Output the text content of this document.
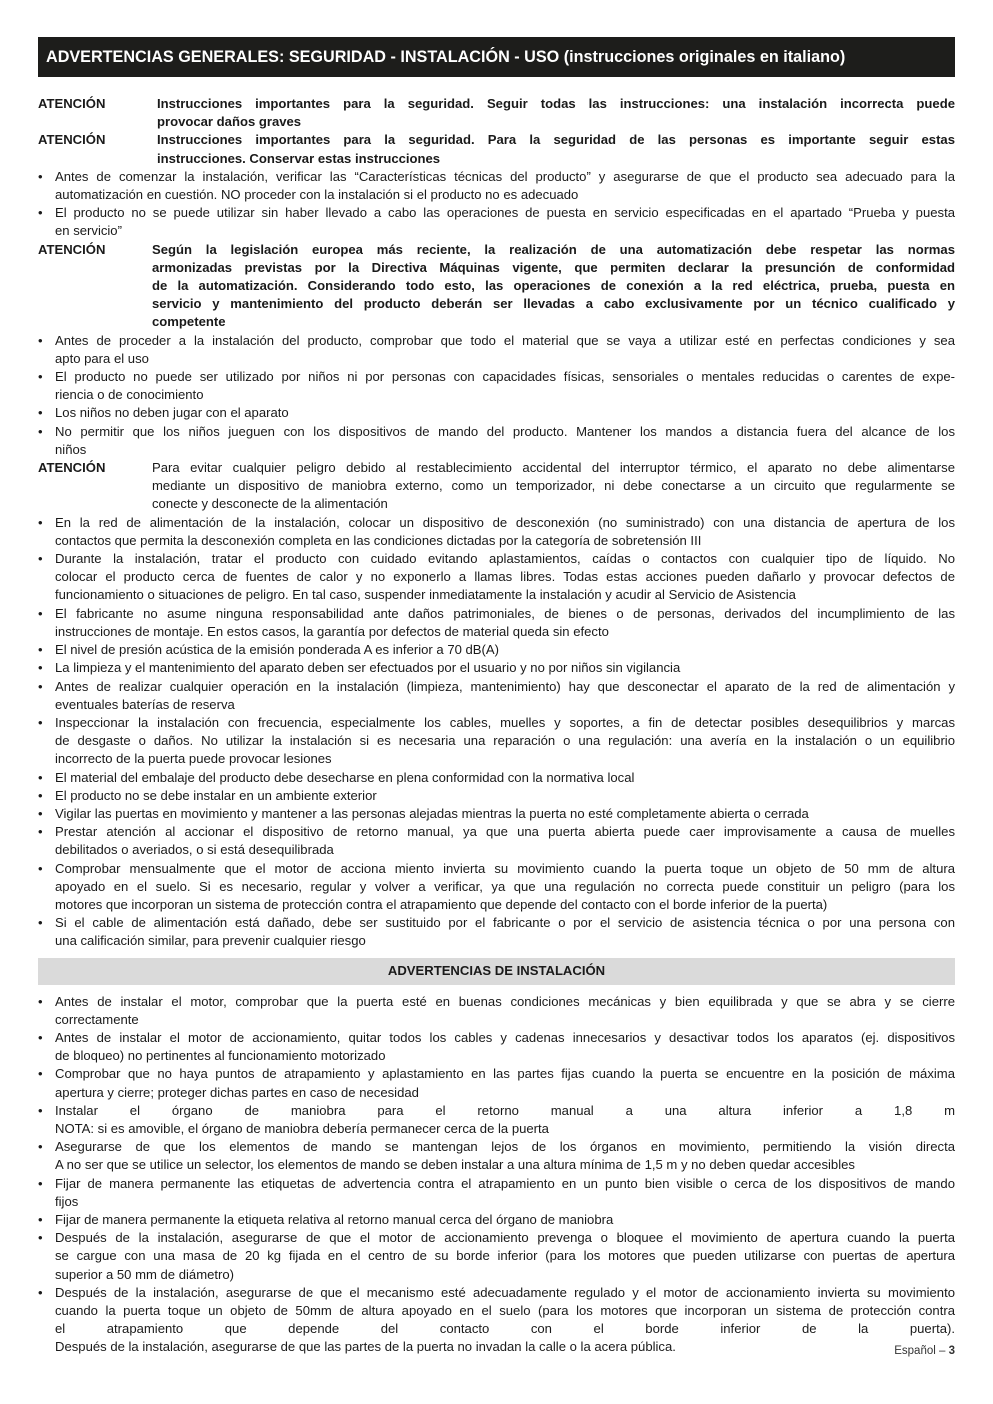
ADVERTENCIAS GENERALES: SEGURIDAD - INSTALACIÓN - USO (instrucciones originales en italiano)
ATENCIÓN	Instrucciones importantes para la seguridad. Seguir todas las instrucciones: una instalación incorrecta puede
provocar daños graves
ATENCIÓN	Instrucciones importantes para la seguridad. Para la seguridad de las personas es importante seguir estas
instrucciones. Conservar estas instrucciones
• Antes de comenzar la instalación, verificar las “Características técnicas del producto” y asegurarse de que el producto sea adecuado para la
automatización en cuestión. NO proceder con la instalación si el producto no es adecuado
• El producto no se puede utilizar sin haber llevado a cabo las operaciones de puesta en servicio especificadas en el apartado “Prueba y puesta
en servicio”
ATENCIÓN	Según la legislación europea más reciente, la realización de una automatización debe respetar las normas
armonizadas previstas por la Directiva Máquinas vigente, que permiten declarar la presunción de conformidad
de la automatización. Considerando todo esto, las operaciones de conexión a la red eléctrica, prueba, puesta en
servicio y mantenimiento del producto deberán ser llevadas a cabo exclusivamente por un técnico cualificado y
competente
• Antes de proceder a la instalación del producto, comprobar que todo el material que se vaya a utilizar esté en perfectas condiciones y sea
apto para el uso
• El producto no puede ser utilizado por niños ni por personas con capacidades físicas, sensoriales o mentales reducidas o carentes de expe-
riencia o de conocimiento
• Los niños no deben jugar con el aparato
• No permitir que los niños jueguen con los dispositivos de mando del producto. Mantener los mandos a distancia fuera del alcance de los
niños
ATENCIÓN	Para evitar cualquier peligro debido al restablecimiento accidental del interruptor térmico, el aparato no debe alimentarse
mediante un dispositivo de maniobra externo, como un temporizador, ni debe conectarse a un circuito que regularmente se
conecte y desconecte de la alimentación
• En la red de alimentación de la instalación, colocar un dispositivo de desconexión (no suministrado) con una distancia de apertura de los
contactos que permita la desconexión completa en las condiciones dictadas por la categoría de sobretensión III
• Durante la instalación, tratar el producto con cuidado evitando aplastamientos, caídas o contactos con cualquier tipo de líquido. No
colocar el producto cerca de fuentes de calor y no exponerlo a llamas libres. Todas estas acciones pueden dañarlo y provocar defectos de
funcionamiento o situaciones de peligro. En tal caso, suspender inmediatamente la instalación y acudir al Servicio de Asistencia
• El fabricante no asume ninguna responsabilidad ante daños patrimoniales, de bienes o de personas, derivados del incumplimiento de las
instrucciones de montaje. En estos casos, la garantía por defectos de material queda sin efecto
• El nivel de presión acústica de la emisión ponderada A es inferior a 70 dB(A)
• La limpieza y el mantenimiento del aparato deben ser efectuados por el usuario y no por niños sin vigilancia
• Antes de realizar cualquier operación en la instalación (limpieza, mantenimiento) hay que desconectar el aparato de la red de alimentación y
eventuales baterías de reserva
• Inspeccionar la instalación con frecuencia, especialmente los cables, muelles y soportes, a fin de detectar posibles desequilibrios y marcas
de desgaste o daños. No utilizar la instalación si es necesaria una reparación o una regulación: una avería en la instalación o un equilibrio
incorrecto de la puerta puede provocar lesiones
• El material del embalaje del producto debe desecharse en plena conformidad con la normativa local
• El producto no se debe instalar en un ambiente exterior
• Vigilar las puertas en movimiento y mantener a las personas alejadas mientras la puerta no esté completamente abierta o cerrada
• Prestar atención al accionar el dispositivo de retorno manual, ya que una puerta abierta puede caer improvisamente a causa de muelles
debilitados o averiados, o si está desequilibrada
• Comprobar mensualmente que el motor de acciona miento invierta su movimiento cuando la puerta toque un objeto de 50 mm de altura
apoyado en el suelo. Si es necesario, regular y volver a verificar, ya que una regulación no correcta puede constituir un peligro (para los
motores que incorporan un sistema de protección contra el atrapamiento que depende del contacto con el borde inferior de la puerta)
• Si el cable de alimentación está dañado, debe ser sustituido por el fabricante o por el servicio de asistencia técnica o por una persona con
una calificación similar, para prevenir cualquier riesgo
ADVERTENCIAS DE INSTALACIÓN
• Antes de instalar el motor, comprobar que la puerta esté en buenas condiciones mecánicas y bien equilibrada y que se abra y se cierre
correctamente
• Antes de instalar el motor de accionamiento, quitar todos los cables y cadenas innecesarios y desactivar todos los aparatos (ej. dispositivos
de bloqueo) no pertinentes al funcionamiento motorizado
• Comprobar que no haya puntos de atrapamiento y aplastamiento en las partes fijas cuando la puerta se encuentre en la posición de máxima
apertura y cierre; proteger dichas partes en caso de necesidad
• Instalar el órgano de maniobra para el retorno manual a una altura inferior a 1,8 m
NOTA: si es amovible, el órgano de maniobra debería permanecer cerca de la puerta
• Asegurarse de que los elementos de mando se mantengan lejos de los órganos en movimiento, permitiendo la visión directa
A no ser que se utilice un selector, los elementos de mando se deben instalar a una altura mínima de 1,5 m y no deben quedar accesibles
• Fijar de manera permanente las etiquetas de advertencia contra el atrapamiento en un punto bien visible o cerca de los dispositivos de mando
fijos
• Fijar de manera permanente la etiqueta relativa al retorno manual cerca del órgano de maniobra
• Después de la instalación, asegurarse de que el motor de accionamiento prevenga o bloquee el movimiento de apertura cuando la puerta
se cargue con una masa de 20 kg fijada en el centro de su borde inferior (para los motores que pueden utilizarse con puertas de apertura
superior a 50 mm de diámetro)
• Después de la instalación, asegurarse de que el mecanismo esté adecuadamente regulado y el motor de accionamiento invierta su movimiento
cuando la puerta toque un objeto de 50mm de altura apoyado en el suelo (para los motores que incorporan un sistema de protección contra
el atrapamiento que depende del contacto con el borde inferior de la puerta).
Después de la instalación, asegurarse de que las partes de la puerta no invadan la calle o la acera pública.	Español – 3
